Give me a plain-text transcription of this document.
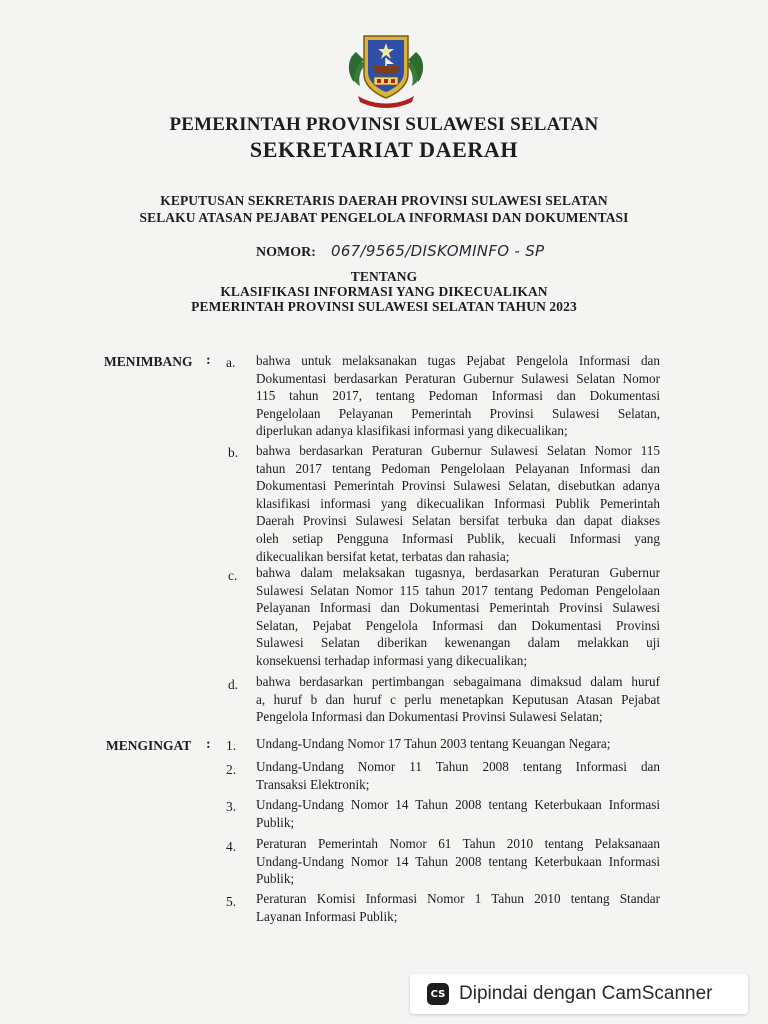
PEMERINTAH PROVINSI SULAWESI SELATAN
SEKRETARIAT DAERAH
KEPUTUSAN SEKRETARIS DAERAH PROVINSI SULAWESI SELATAN
SELAKU ATASAN PEJABAT PENGELOLA INFORMASI DAN DOKUMENTASI
NOMOR: 067/9565/DISKOMINFO - SP
TENTANG
KLASIFIKASI INFORMASI YANG DIKECUALIKAN
PEMERINTAH PROVINSI SULAWESI SELATAN TAHUN 2023
MENIMBANG : a. bahwa untuk melaksanakan tugas Pejabat Pengelola Informasi dan
Dokumentasi berdasarkan Peraturan Gubernur Sulawesi Selatan Nomor
115 tahun 2017, tentang Pedoman Informasi dan Dokumentasi
Pengelolaan Pelayanan Pemerintah Provinsi Sulawesi Selatan,
diperlukan adanya klasifikasi informasi yang dikecualikan;
b. bahwa berdasarkan Peraturan Gubernur Sulawesi Selatan Nomor 115
tahun 2017 tentang Pedoman Pengelolaan Pelayanan Informasi dan
Dokumentasi Pemerintah Provinsi Sulawesi Selatan, disebutkan adanya
klasifikasi informasi yang dikecualikan Informasi Publik Pemerintah
Daerah Provinsi Sulawesi Selatan bersifat terbuka dan dapat diakses
oleh setiap Pengguna Informasi Publik, kecuali Informasi yang
dikecualikan bersifat ketat, terbatas dan rahasia;
c. bahwa dalam melaksakan tugasnya, berdasarkan Peraturan Gubernur
Sulawesi Selatan Nomor 115 tahun 2017 tentang Pedoman Pengelolaan
Pelayanan Informasi dan Dokumentasi Pemerintah Provinsi Sulawesi
Selatan, Pejabat Pengelola Informasi dan Dokumentasi Provinsi
Sulawesi Selatan diberikan kewenangan dalam melakkan uji
konsekuensi terhadap informasi yang dikecualikan;
d. bahwa berdasarkan pertimbangan sebagaimana dimaksud dalam huruf
a, huruf b dan huruf c perlu menetapkan Keputusan Atasan Pejabat
Pengelola Informasi dan Dokumentasi Provinsi Sulawesi Selatan;
MENGINGAT : 1. Undang-Undang Nomor 17 Tahun 2003 tentang Keuangan Negara;
2. Undang-Undang Nomor 11 Tahun 2008 tentang Informasi dan
Transaksi Elektronik;
3. Undang-Undang Nomor 14 Tahun 2008 tentang Keterbukaan Informasi
Publik;
4. Peraturan Pemerintah Nomor 61 Tahun 2010 tentang Pelaksanaan
Undang-Undang Nomor 14 Tahun 2008 tentang Keterbukaan Informasi
Publik;
5. Peraturan Komisi Informasi Nomor 1 Tahun 2010 tentang Standar
Layanan Informasi Publik;
CS Dipindai dengan CamScanner
